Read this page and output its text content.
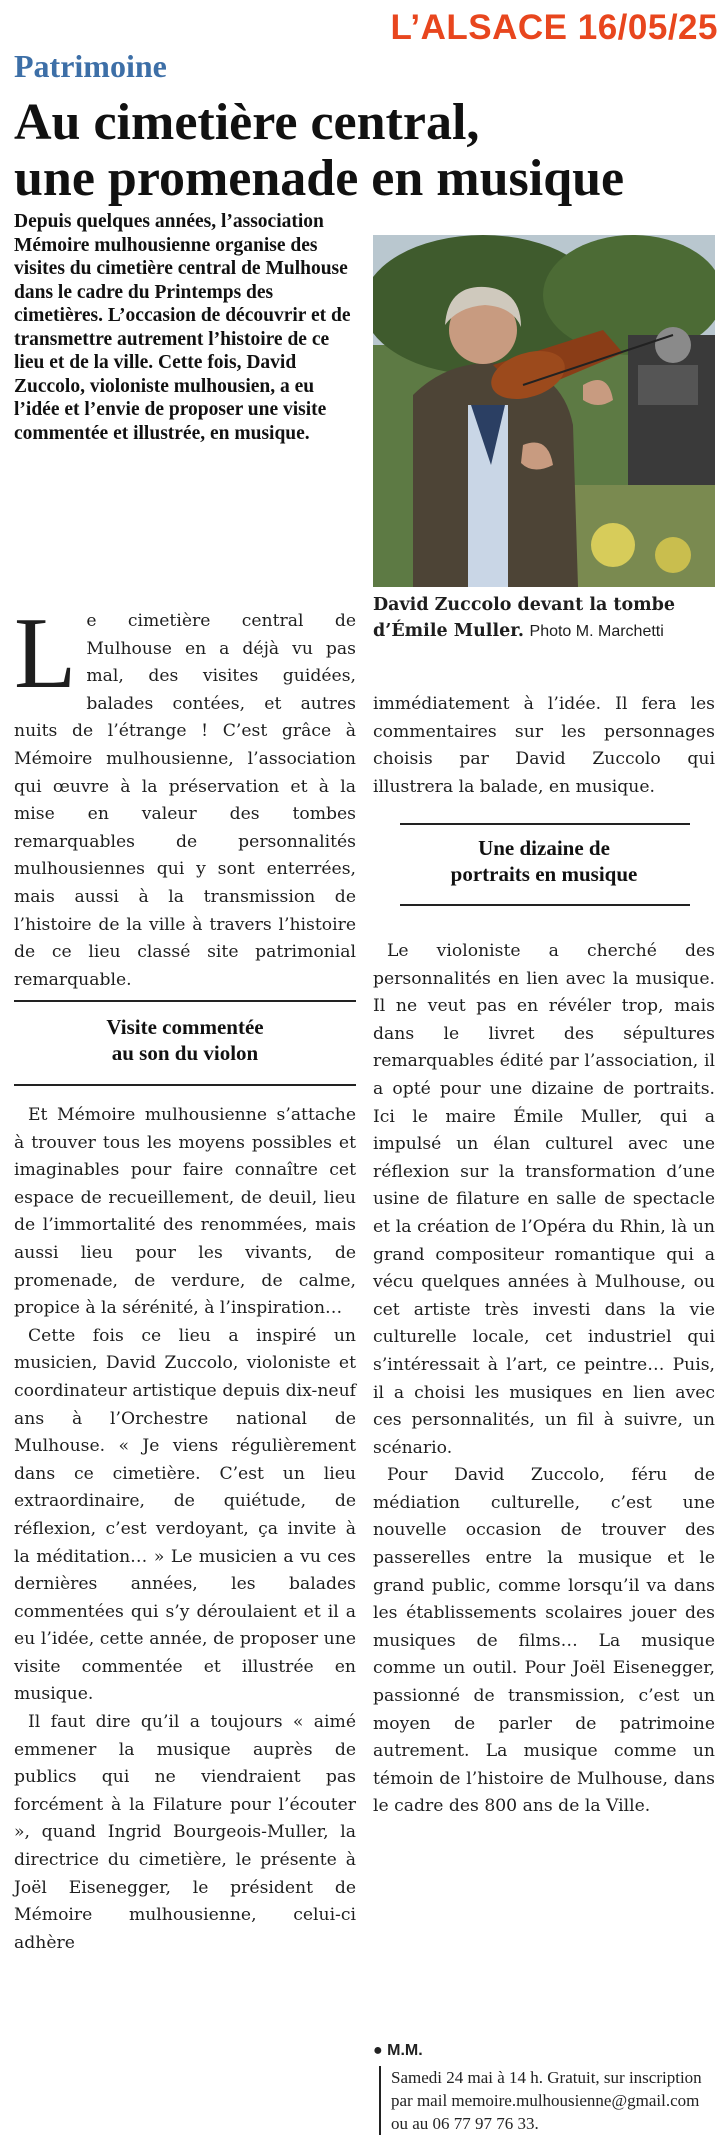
L’ALSACE 16/05/25
Patrimoine
Au cimetière central,
une promenade en musique
Depuis quelques années, l’association Mémoire mulhousienne organise des visites du cimetière central de Mulhouse dans le cadre du Printemps des cimetières. L’occasion de découvrir et de transmettre autrement l’histoire de ce lieu et de la ville. Cette fois, David Zuccolo, violoniste mulhousien, a eu l’idée et l’envie de proposer une visite commentée et illustrée, en musique.
David Zuccolo devant la tombe d’Émile Muller. Photo M. Marchetti

Le cimetière central de Mulhouse en a déjà vu pas mal, des visites guidées, balades contées, et autres nuits de l’étrange ! C’est grâce à Mémoire mulhousienne, l’association qui œuvre à la préservation et à la mise en valeur des tombes remarquables de personnalités mulhousiennes qui y sont enterrées, mais aussi à la transmission de l’histoire de la ville à travers l’histoire de ce lieu classé site patrimonial remarquable.

Visite commentée
au son du violon

Et Mémoire mulhousienne s’attache à trouver tous les moyens possibles et imaginables pour faire connaître cet espace de recueillement, de deuil, lieu de l’immortalité des renommées, mais aussi lieu pour les vivants, de promenade, de verdure, de calme, propice à la sérénité, à l’inspiration…

Cette fois ce lieu a inspiré un musicien, David Zuccolo, violoniste et coordinateur artistique depuis dix-neuf ans à l’Orchestre national de Mulhouse. « Je viens régulièrement dans ce cimetière. C’est un lieu extraordinaire, de quiétude, de réflexion, c’est verdoyant, ça invite à la méditation… » Le musicien a vu ces dernières années, les balades commentées qui s’y déroulaient et il a eu l’idée, cette année, de proposer une visite commentée et illustrée en musique.

Il faut dire qu’il a toujours « aimé emmener la musique auprès de publics qui ne viendraient pas forcément à la Filature pour l’écouter », quand Ingrid Bourgeois-Muller, la directrice du cimetière, le présente à Joël Eisenegger, le président de Mémoire mulhousienne, celui-ci adhère

immédiatement à l’idée. Il fera les commentaires sur les personnages choisis par David Zuccolo qui illustrera la balade, en musique.

Une dizaine de
portraits en musique

Le violoniste a cherché des personnalités en lien avec la musique. Il ne veut pas en révéler trop, mais dans le livret des sépultures remarquables édité par l’association, il a opté pour une dizaine de portraits. Ici le maire Émile Muller, qui a impulsé un élan culturel avec une réflexion sur la transformation d’une usine de filature en salle de spectacle et la création de l’Opéra du Rhin, là un grand compositeur romantique qui a vécu quelques années à Mulhouse, ou cet artiste très investi dans la vie culturelle locale, cet industriel qui s’intéressait à l’art, ce peintre… Puis, il a choisi les musiques en lien avec ces personnalités, un fil à suivre, un scénario.

Pour David Zuccolo, féru de médiation culturelle, c’est une nouvelle occasion de trouver des passerelles entre la musique et le grand public, comme lorsqu’il va dans les établissements scolaires jouer des musiques de films… La musique comme un outil. Pour Joël Eisenegger, passionné de transmission, c’est un moyen de parler de patrimoine autrement. La musique comme un témoin de l’histoire de Mulhouse, dans le cadre des 800 ans de la Ville.

● M.M.
Samedi 24 mai à 14 h. Gratuit, sur inscription par mail memoire.mulhousienne@gmail.com ou au 06 77 97 76 33.
